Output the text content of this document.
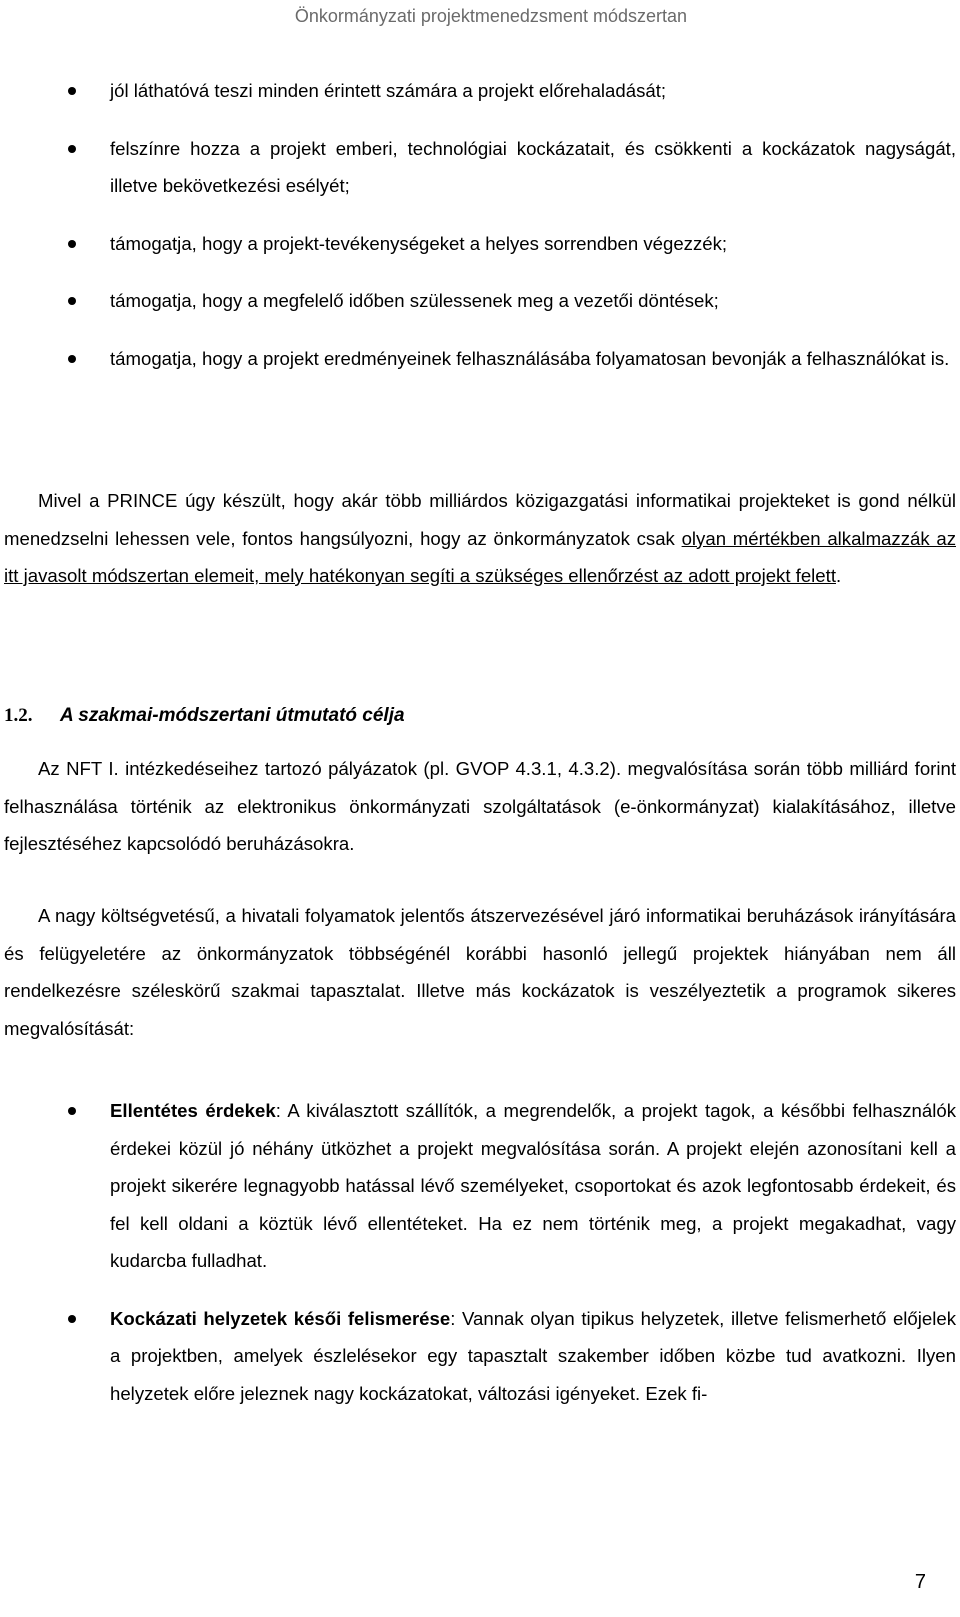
Önkormányzati projektmenedzsment módszertan
jól láthatóvá teszi minden érintett számára a projekt előrehaladását;
felszínre hozza a projekt emberi, technológiai kockázatait, és csökkenti a kockázatok nagyságát, illetve bekövetkezési esélyét;
támogatja, hogy a projekt-tevékenységeket a helyes sorrendben végezzék;
támogatja, hogy a megfelelő időben szülessenek meg a vezetői döntések;
támogatja, hogy a projekt eredményeinek felhasználásába folyamatosan bevonják a felhasználókat is.

Mivel a PRINCE úgy készült, hogy akár több milliárdos közigazgatási informatikai projekteket is gond nélkül menedzselni lehessen vele, fontos hangsúlyozni, hogy az önkormányzatok csak olyan mértékben alkalmazzák az itt javasolt módszertan elemeit, mely hatékonyan segíti a szükséges ellenőrzést az adott projekt felett.

1.2. A szakmai-módszertani útmutató célja

Az NFT I. intézkedéseihez tartozó pályázatok (pl. GVOP 4.3.1, 4.3.2). megvalósítása során több milliárd forint felhasználása történik az elektronikus önkormányzati szolgáltatások (e-önkormányzat) kialakításához, illetve fejlesztéséhez kapcsolódó beruházásokra.

A nagy költségvetésű, a hivatali folyamatok jelentős átszervezésével járó informatikai beruházások irányítására és felügyeletére az önkormányzatok többségénél korábbi hasonló jellegű projektek hiányában nem áll rendelkezésre széleskörű szakmai tapasztalat. Illetve más kockázatok is veszélyeztetik a programok sikeres megvalósítását:

Ellentétes érdekek: A kiválasztott szállítók, a megrendelők, a projekt tagok, a későbbi felhasználók érdekei közül jó néhány ütközhet a projekt megvalósítása során. A projekt elején azonosítani kell a projekt sikerére legnagyobb hatással lévő személyeket, csoportokat és azok legfontosabb érdekeit, és fel kell oldani a köztük lévő ellentéteket. Ha ez nem történik meg, a projekt megakadhat, vagy kudarcba fulladhat.
Kockázati helyzetek késői felismerése: Vannak olyan tipikus helyzetek, illetve felismerhető előjelek a projektben, amelyek észlelésekor egy tapasztalt szakember időben közbe tud avatkozni. Ilyen helyzetek előre jeleznek nagy kockázatokat, változási igényeket. Ezek fi-
7
